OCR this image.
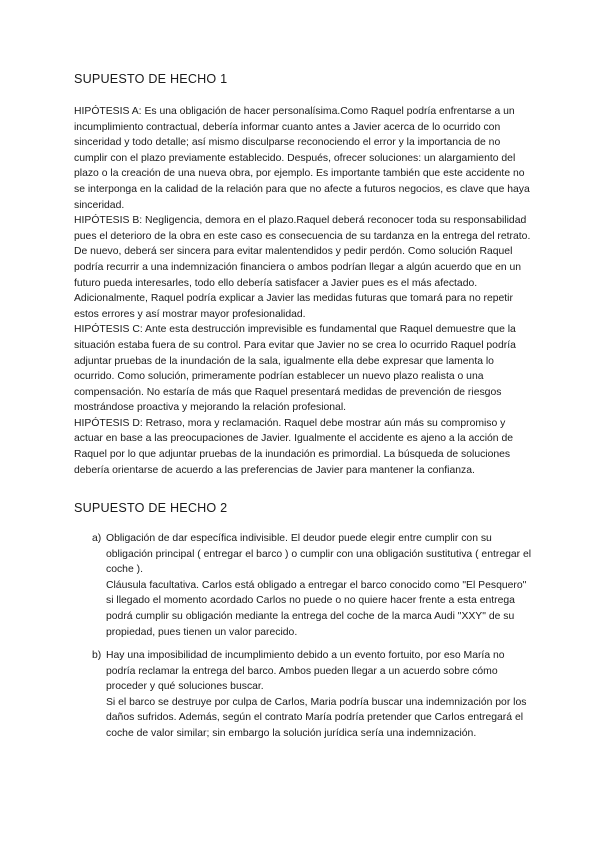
SUPUESTO DE HECHO 1

HIPÓTESIS A: Es una obligación de hacer personalísima.Como Raquel podría enfrentarse a un incumplimiento contractual, debería informar cuanto antes a Javier acerca de lo ocurrido con sinceridad y todo detalle; así mismo disculparse reconociendo el error y la importancia de no cumplir con el plazo previamente establecido. Después, ofrecer soluciones: un alargamiento del plazo o la creación de una nueva obra, por ejemplo. Es importante también que este accidente no se interponga en la calidad de la relación para que no afecte a futuros negocios, es clave que haya sinceridad.

HIPÓTESIS B: Negligencia, demora en el plazo.Raquel deberá reconocer toda su responsabilidad pues el deterioro de la obra en este caso es consecuencia de su tardanza en la entrega del retrato. De nuevo, deberá ser sincera para evitar malentendidos y pedir perdón. Como solución Raquel podría recurrir a una indemnización financiera o ambos podrían llegar a algún acuerdo que en un futuro pueda interesarles, todo ello debería satisfacer a Javier pues es el más afectado. Adicionalmente, Raquel podría explicar a Javier las medidas futuras que tomará para no repetir estos errores y así mostrar mayor profesionalidad.

HIPÓTESIS C: Ante esta destrucción imprevisible es fundamental que Raquel demuestre que la situación estaba fuera de su control. Para evitar que Javier no se crea lo ocurrido Raquel podría adjuntar pruebas de la inundación de la sala, igualmente ella debe expresar que lamenta lo ocurrido. Como solución, primeramente podrían establecer un nuevo plazo realista o una compensación. No estaría de más que Raquel presentará medidas de prevención de riesgos mostrándose proactiva y mejorando la relación profesional.

HIPÓTESIS D: Retraso, mora y reclamación. Raquel debe mostrar aún más su compromiso y actuar en base a las preocupaciones de Javier. Igualmente el accidente es ajeno a la acción de Raquel por lo que adjuntar pruebas de la inundación es primordial. La búsqueda de soluciones debería orientarse de acuerdo a las preferencias de Javier para mantener la confianza.

SUPUESTO DE HECHO 2
a) Obligación de dar específica indivisible. El deudor puede elegir entre cumplir con su obligación principal ( entregar el barco ) o cumplir con una obligación sustitutiva ( entregar el coche ).

Cláusula facultativa. Carlos está obligado a entregar el barco conocido como "El Pesquero" si llegado el momento acordado Carlos no puede o no quiere hacer frente a esta entrega podrá cumplir su obligación mediante la entrega del coche de la marca Audi "XXY" de su propiedad, pues tienen un valor parecido.

b) Hay una imposibilidad de incumplimiento debido a un evento fortuito, por eso María no podría reclamar la entrega del barco. Ambos pueden llegar a un acuerdo sobre cómo proceder y qué soluciones buscar.

Si el barco se destruye por culpa de Carlos, Maria podría buscar una indemnización por los daños sufridos. Además, según el contrato María podría pretender que Carlos entregará el coche de valor similar; sin embargo la solución jurídica sería una indemnización.
